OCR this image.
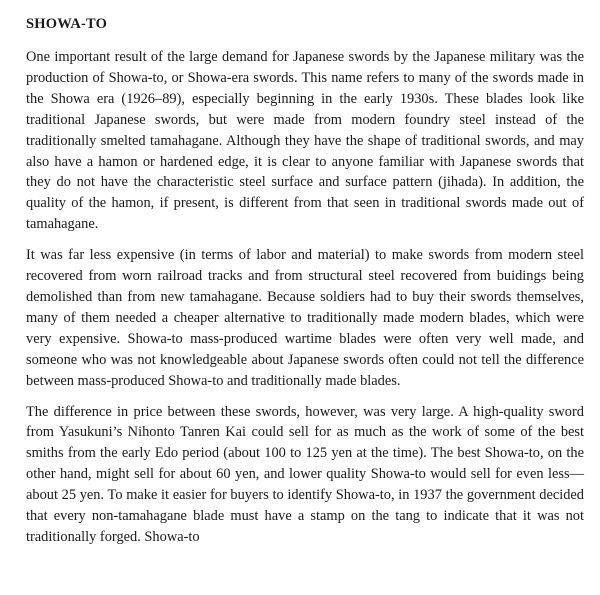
SHOWA-TO

One important result of the large demand for Japanese swords by the Japanese military was the production of Showa-to, or Showa-era swords. This name refers to many of the swords made in the Showa era (1926–89), especially beginning in the early 1930s. These blades look like traditional Japanese swords, but were made from modern foundry steel instead of the traditionally smelted tamahagane. Although they have the shape of traditional swords, and may also have a hamon or hardened edge, it is clear to anyone familiar with Japanese swords that they do not have the characteristic steel surface and surface pattern (jihada). In addition, the quality of the hamon, if present, is different from that seen in traditional swords made out of tamahagane.

It was far less expensive (in terms of labor and material) to make swords from modern steel recovered from worn railroad tracks and from structural steel recovered from buidings being demolished than from new tamahagane. Because soldiers had to buy their swords themselves, many of them needed a cheaper alternative to traditionally made modern blades, which were very expensive. Showa-to mass-produced wartime blades were often very well made, and someone who was not knowledgeable about Japanese swords often could not tell the difference between mass-produced Showa-to and traditionally made blades.

The difference in price between these swords, however, was very large. A high-quality sword from Yasukuni’s Nihonto Tanren Kai could sell for as much as the work of some of the best smiths from the early Edo period (about 100 to 125 yen at the time). The best Showa-to, on the other hand, might sell for about 60 yen, and lower quality Showa-to would sell for even less—about 25 yen. To make it easier for buyers to identify Showa-to, in 1937 the government decided that every non-tamahagane blade must have a stamp on the tang to indicate that it was not traditionally forged. Showa-to
